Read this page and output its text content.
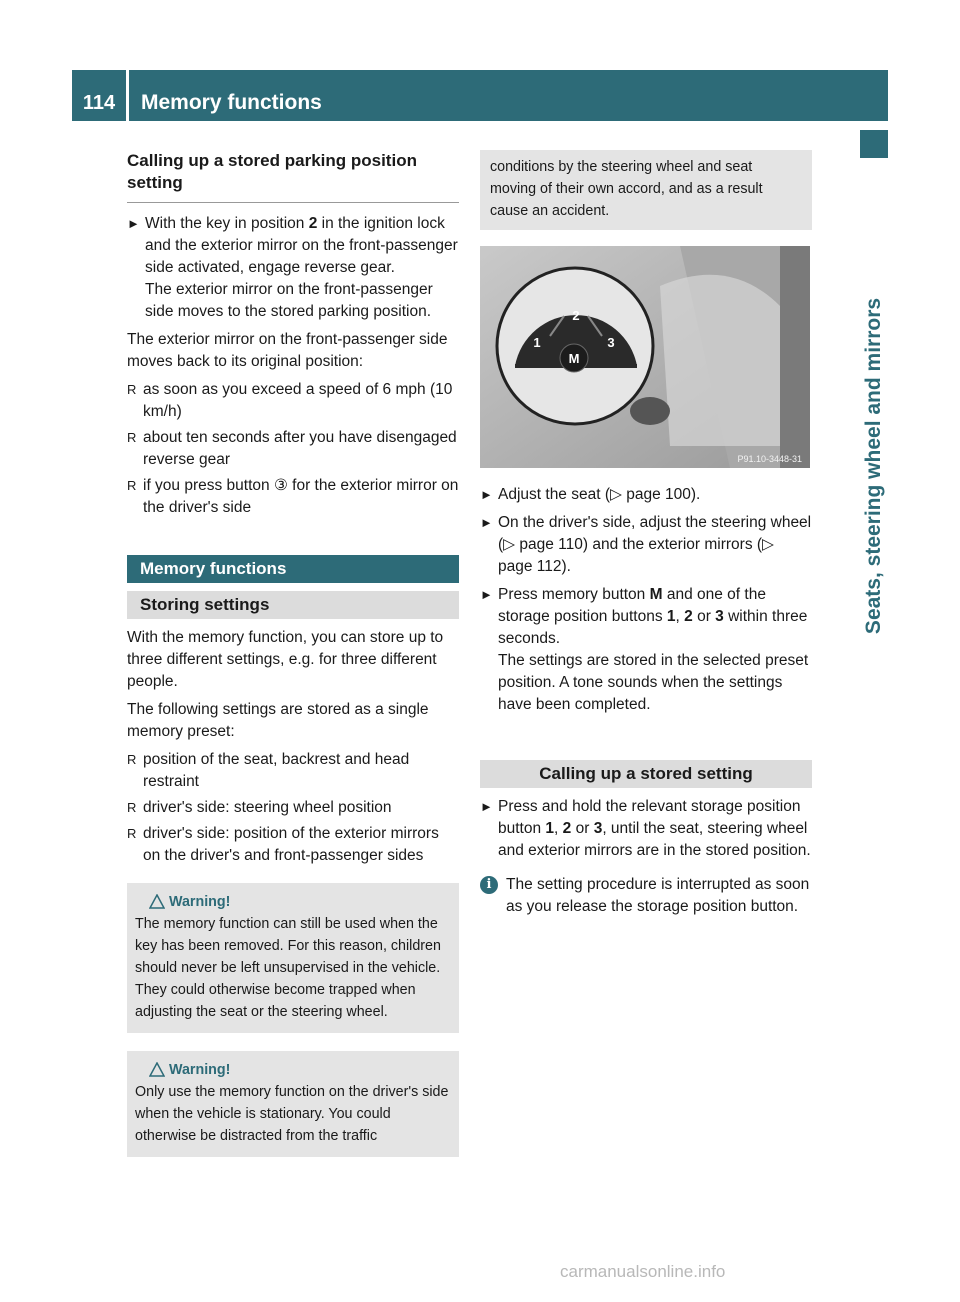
114	Memory functions
Seats, steering wheel and mirrors
Calling up a stored parking position setting
► With the key in position 2 in the ignition lock and the exterior mirror on the front-passenger side activated, engage reverse gear.
The exterior mirror on the front-passenger side moves to the stored parking position.

The exterior mirror on the front-passenger side moves back to its original position:

R as soon as you exceed a speed of 6 mph (10 km/h)
R about ten seconds after you have disengaged reverse gear
R if you press button ③ for the exterior mirror on the driver's side
Memory functions
Storing settings

With the memory function, you can store up to three different settings, e.g. for three different people.

The following settings are stored as a single memory preset:

R position of the seat, backrest and head restraint
R driver's side: steering wheel position
R driver's side: position of the exterior mirrors on the driver's and front-passenger sides
Warning!
The memory function can still be used when the key has been removed. For this reason, children should never be left unsupervised in the vehicle. They could otherwise become trapped when adjusting the seat or the steering wheel.
Warning!
Only use the memory function on the driver's side when the vehicle is stationary. You could otherwise be distracted from the traffic
conditions by the steering wheel and seat moving of their own accord, and as a result cause an accident.
2
1	3
M
P91.10-3448-31
► Adjust the seat (▷ page 100).
► On the driver's side, adjust the steering wheel (▷ page 110) and the exterior mirrors (▷ page 112).
► Press memory button M and one of the storage position buttons 1, 2 or 3 within three seconds.
The settings are stored in the selected preset position. A tone sounds when the settings have been completed.
Calling up a stored setting
► Press and hold the relevant storage position button 1, 2 or 3, until the seat, steering wheel and exterior mirrors are in the stored position.
i The setting procedure is interrupted as soon as you release the storage position button.
carmanualsonline.info
